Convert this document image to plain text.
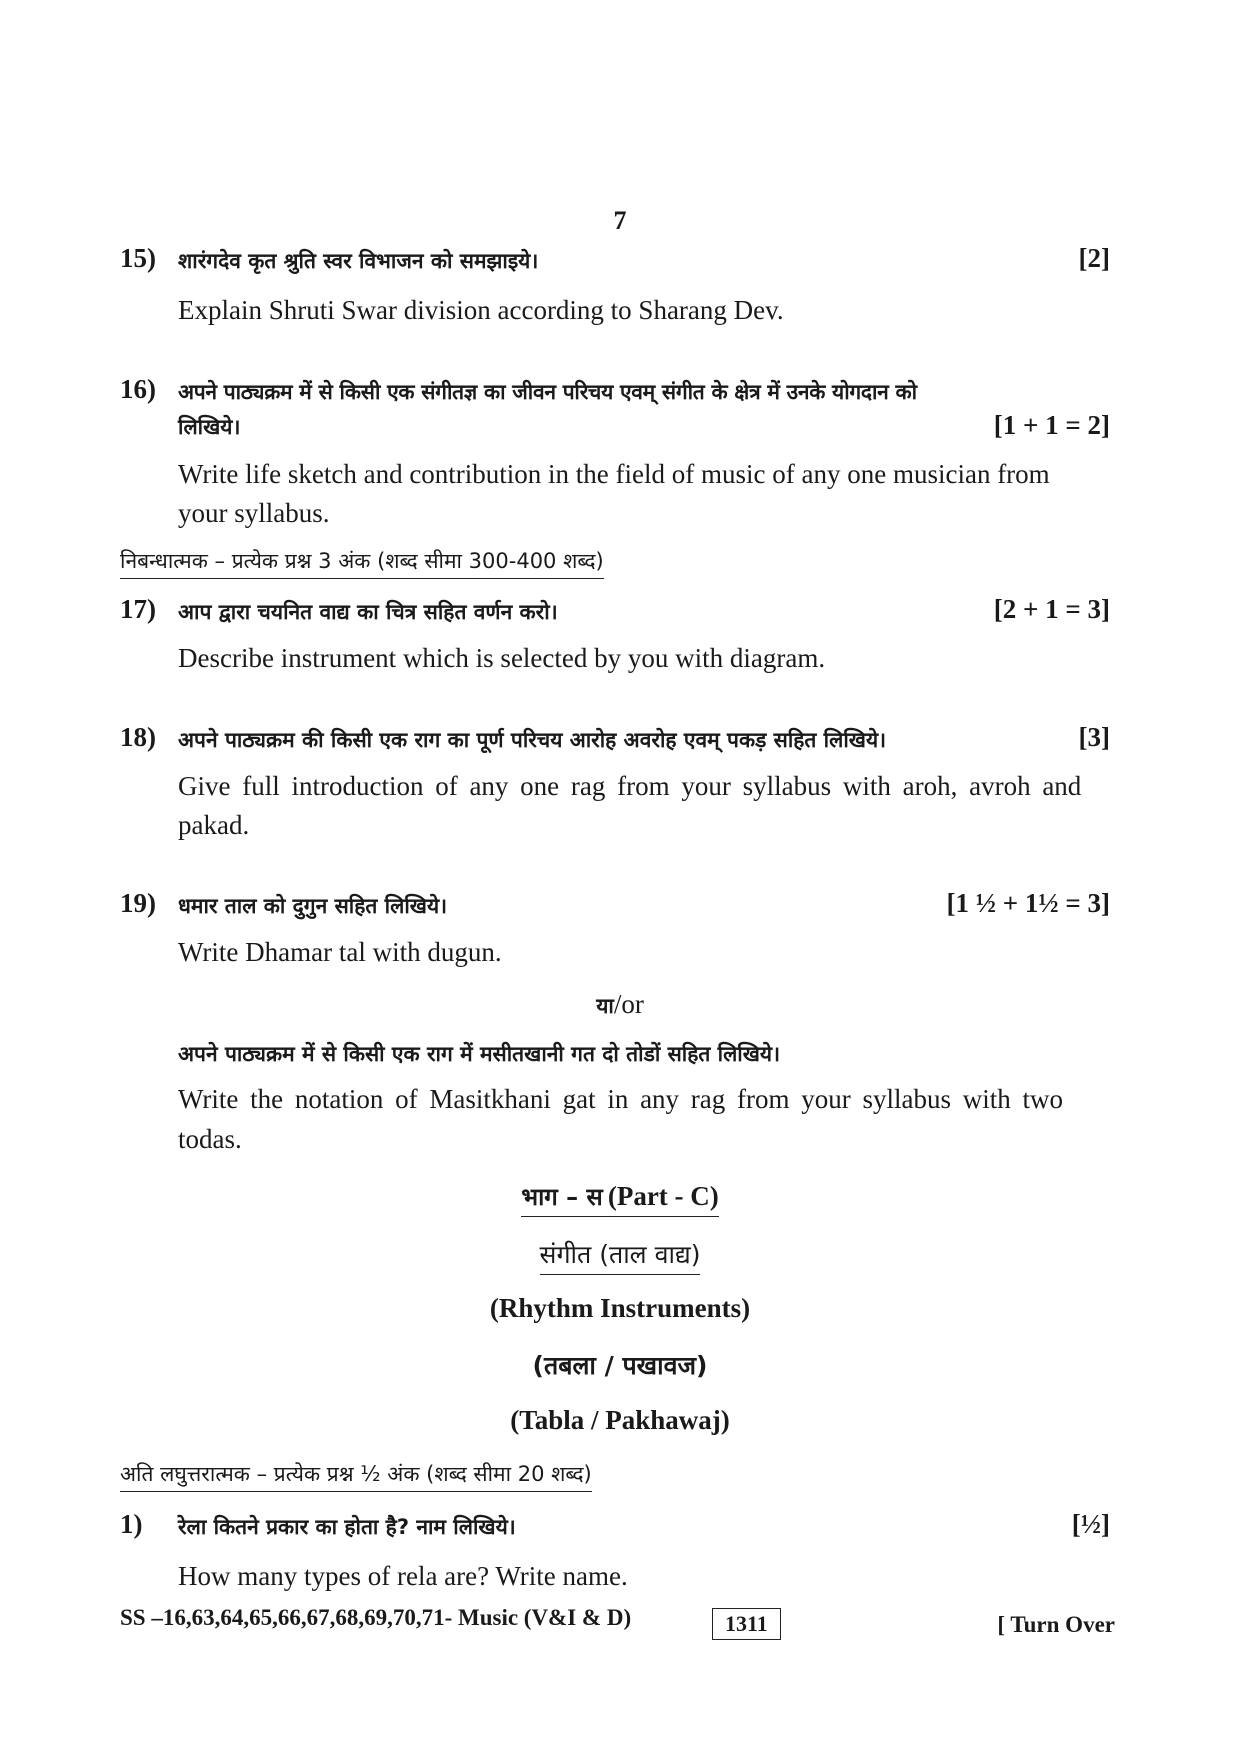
7
15) शारंगदेव कृत श्रुति स्वर विभाजन को समझाइये।	[2]
Explain Shruti Swar division according to Sharang Dev.
16) अपने पाठ्यक्रम में से किसी एक संगीतज्ञ का जीवन परिचय एवम् संगीत के क्षेत्र में उनके योगदान को
लिखिये।	[1 + 1 = 2]
Write life sketch and contribution in the field of music of any one musician from
your syllabus.
निबन्धात्मक – प्रत्येक प्रश्न 3 अंक (शब्द सीमा 300-400 शब्द)
17) आप द्वारा चयनित वाद्य का चित्र सहित वर्णन करो।	[2 + 1 = 3]
Describe instrument which is selected by you with diagram.
18) अपने पाठ्यक्रम की किसी एक राग का पूर्ण परिचय आरोह अवरोह एवम् पकड़ सहित लिखिये।	[3]
Give full introduction of any one rag from your syllabus with aroh, avroh and
pakad.
19) धमार ताल को दुगुन सहित लिखिये।	[1 ½ + 1½ = 3]
Write Dhamar tal with dugun.
या/or
अपने पाठ्यक्रम में से किसी एक राग में मसीतखानी गत दो तोडों सहित लिखिये।
Write the notation of Masitkhani gat in any rag from your syllabus with two
todas.
भाग – स (Part - C)
संगीत (ताल वाद्य)
(Rhythm Instruments)
(तबला / पखावज)
(Tabla / Pakhawaj)
अति लघुत्तरात्मक – प्रत्येक प्रश्न ½ अंक (शब्द सीमा 20 शब्द)
1) रेला कितने प्रकार का होता है? नाम लिखिये।	[½]
How many types of rela are? Write name.
SS –16,63,64,65,66,67,68,69,70,71- Music (V&I & D)	1311	[ Turn Over
